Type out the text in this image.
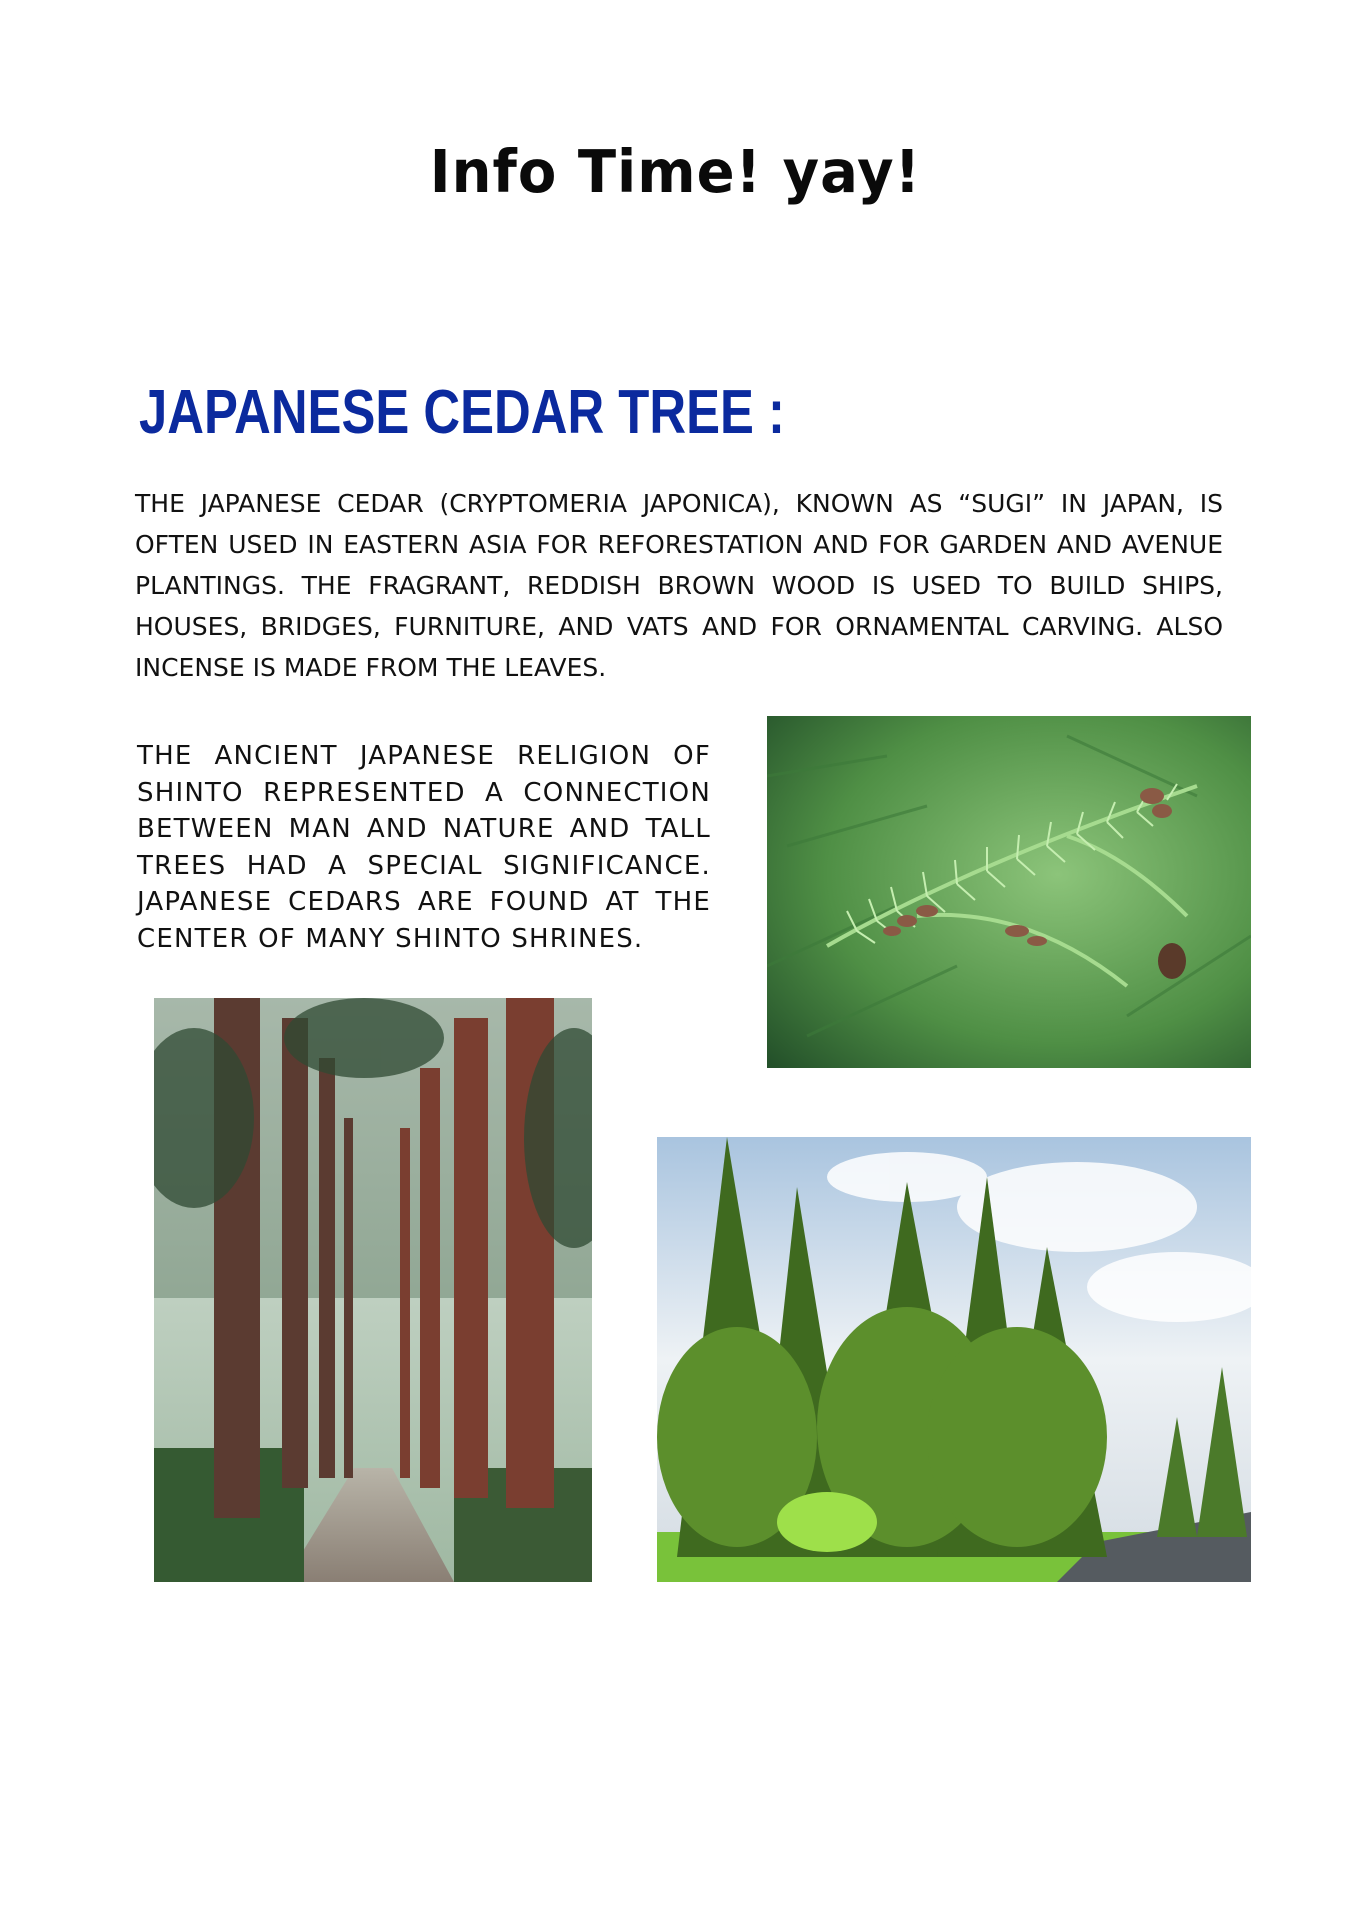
Info Time! yay!
JAPANESE CEDAR TREE :

THE JAPANESE CEDAR (CRYPTOMERIA JAPONICA), KNOWN AS “SUGI” IN JAPAN, IS OFTEN USED IN EASTERN ASIA FOR REFORESTATION AND FOR GARDEN AND AVENUE PLANTINGS. THE FRAGRANT, REDDISH BROWN WOOD IS USED TO BUILD SHIPS, HOUSES, BRIDGES, FURNITURE, AND VATS AND FOR ORNAMENTAL CARVING. ALSO INCENSE IS MADE FROM THE LEAVES.

THE ANCIENT JAPANESE RELIGION OF SHINTO REPRESENTED A CONNECTION BETWEEN MAN AND NATURE AND TALL TREES HAD A SPECIAL SIGNIFICANCE. JAPANESE CEDARS ARE FOUND AT THE CENTER OF MANY SHINTO SHRINES.
